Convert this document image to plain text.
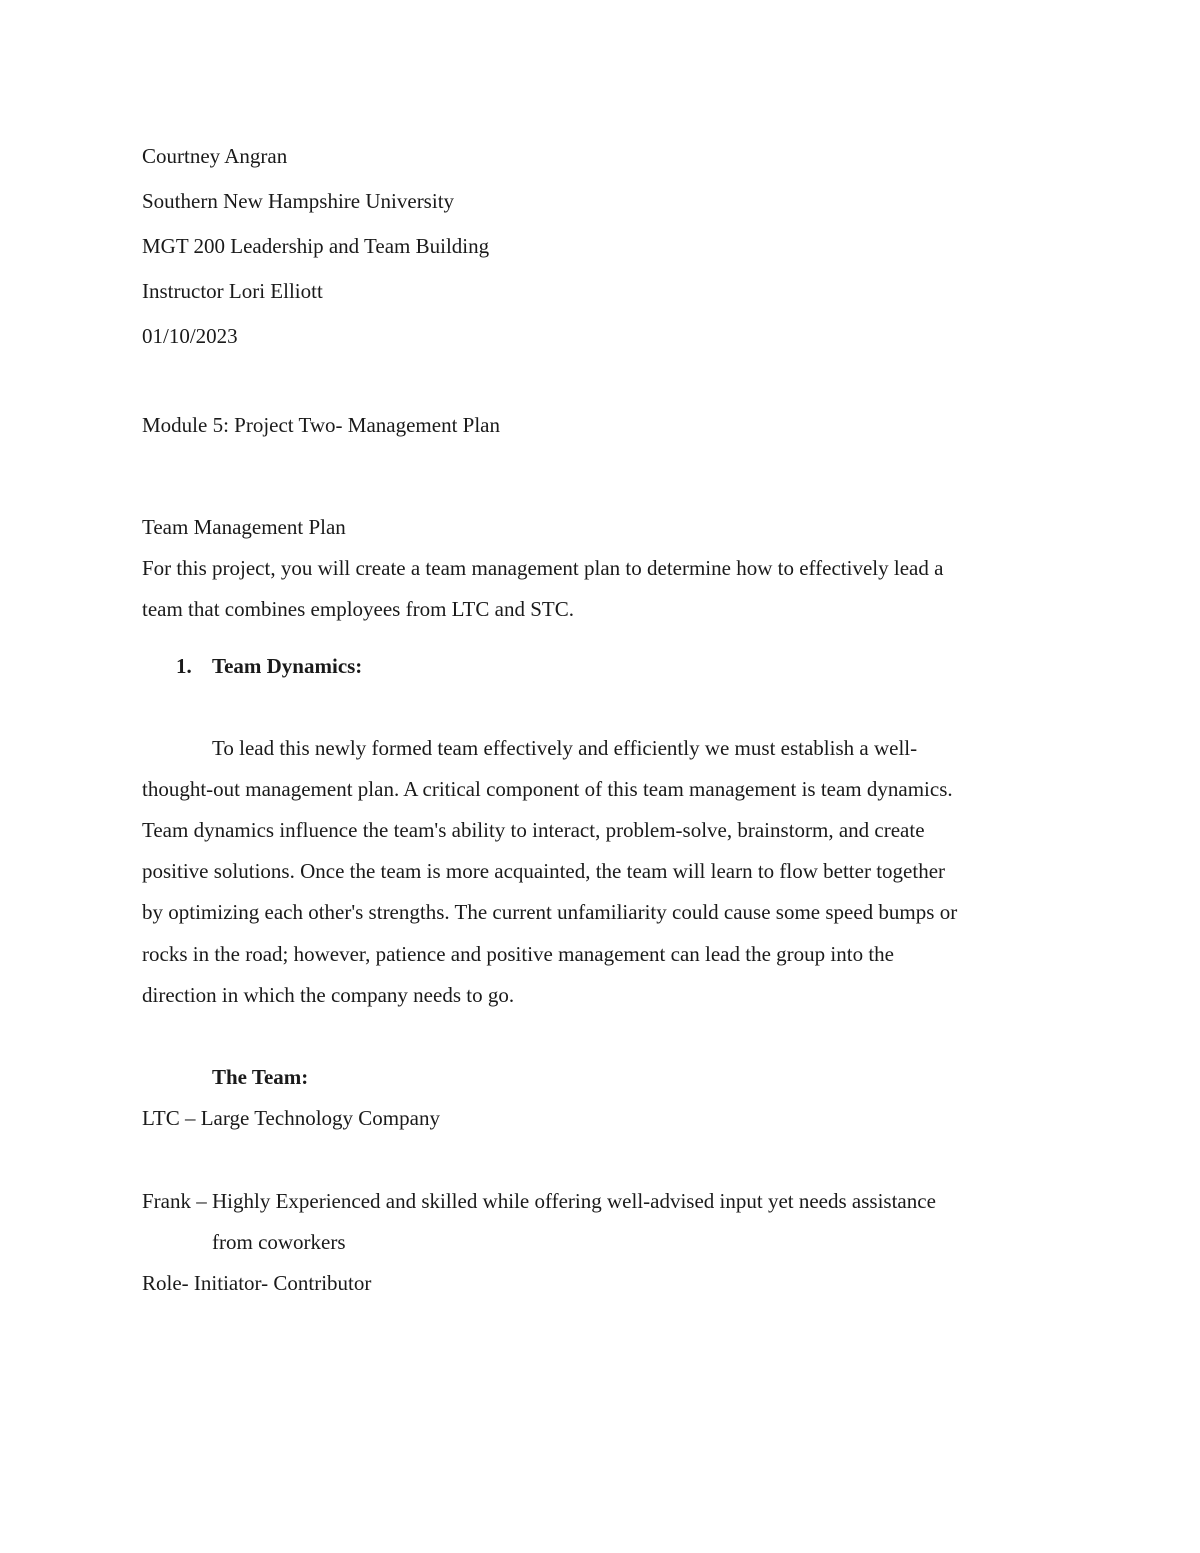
Courtney Angran
Southern New Hampshire University
MGT 200 Leadership and Team Building
Instructor Lori Elliott
01/10/2023
Module 5: Project Two- Management Plan
Team Management Plan
For this project, you will create a team management plan to determine how to effectively lead a
team that combines employees from LTC and STC.
1. Team Dynamics:
To lead this newly formed team effectively and efficiently we must establish a well-
thought-out management plan. A critical component of this team management is team dynamics.
Team dynamics influence the team's ability to interact, problem-solve, brainstorm, and create
positive solutions. Once the team is more acquainted, the team will learn to flow better together
by optimizing each other's strengths. The current unfamiliarity could cause some speed bumps or
rocks in the road; however, patience and positive management can lead the group into the
direction in which the company needs to go.
The Team:
LTC – Large Technology Company
Frank – Highly Experienced and skilled while offering well-advised input yet needs assistance
from coworkers
Role- Initiator- Contributor
